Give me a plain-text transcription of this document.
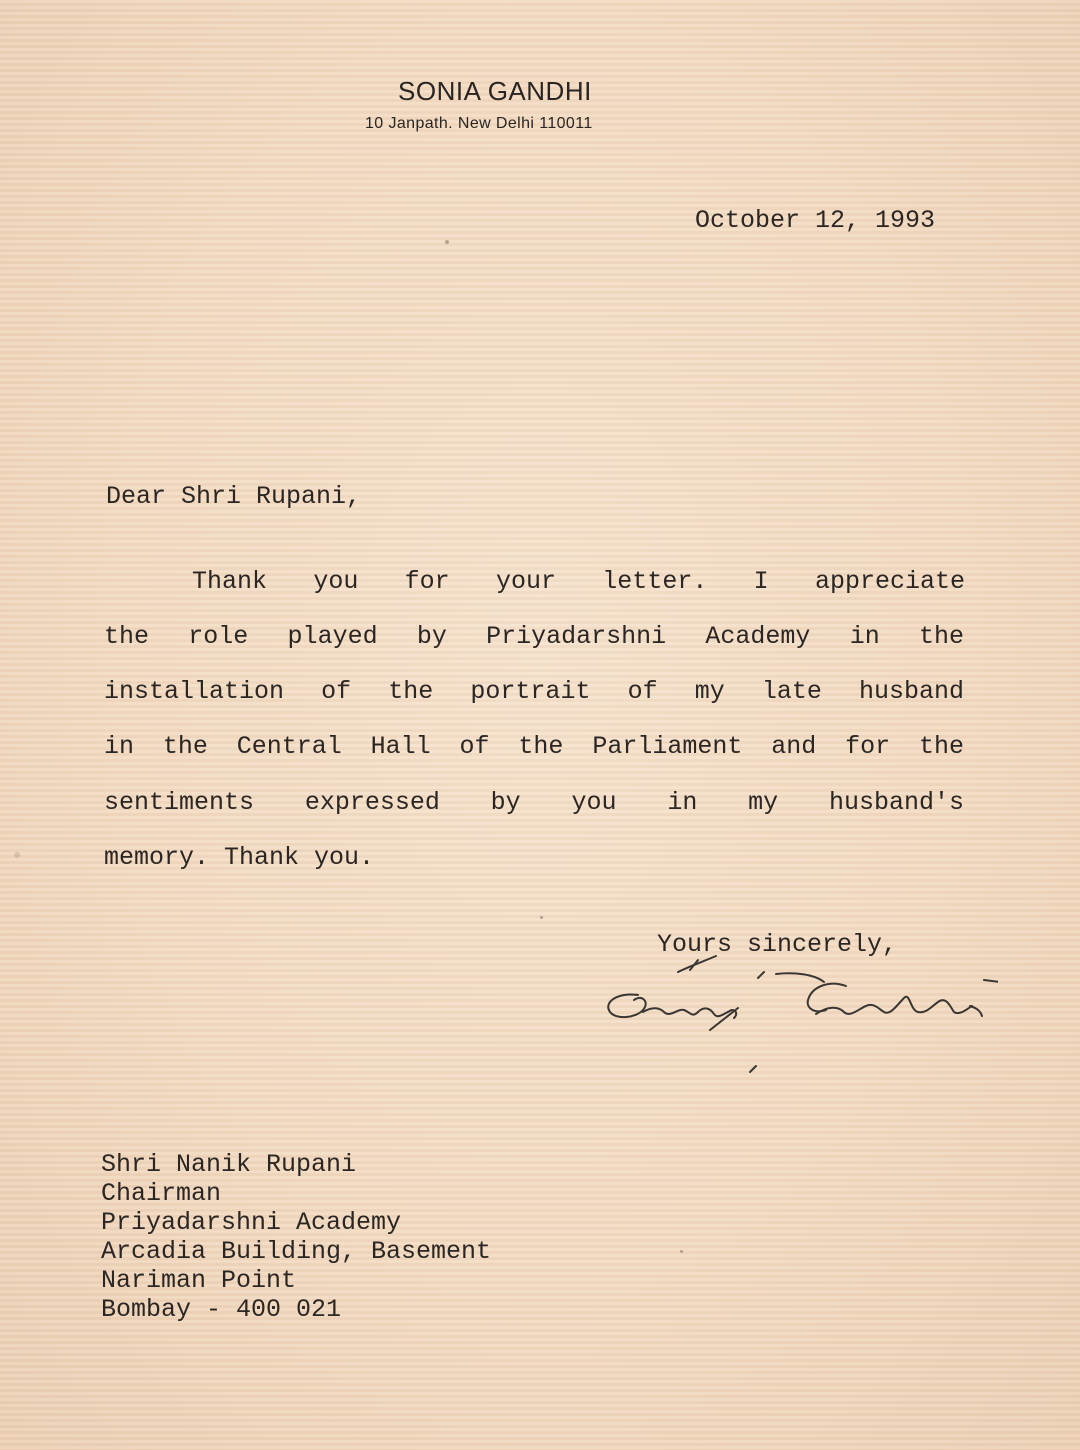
SONIA GANDHI
10 Janpath. New Delhi 110011
October 12, 1993
Dear Shri Rupani,
Thank you for your letter. I appreciate
the role played by Priyadarshni Academy in the
installation of the portrait of my late husband
in the Central Hall of the Parliament and for the
sentiments expressed by you in my husband's
memory. Thank you.
Yours sincerely,
Shri Nanik Rupani
Chairman
Priyadarshni Academy
Arcadia Building, Basement
Nariman Point
Bombay - 400 021
